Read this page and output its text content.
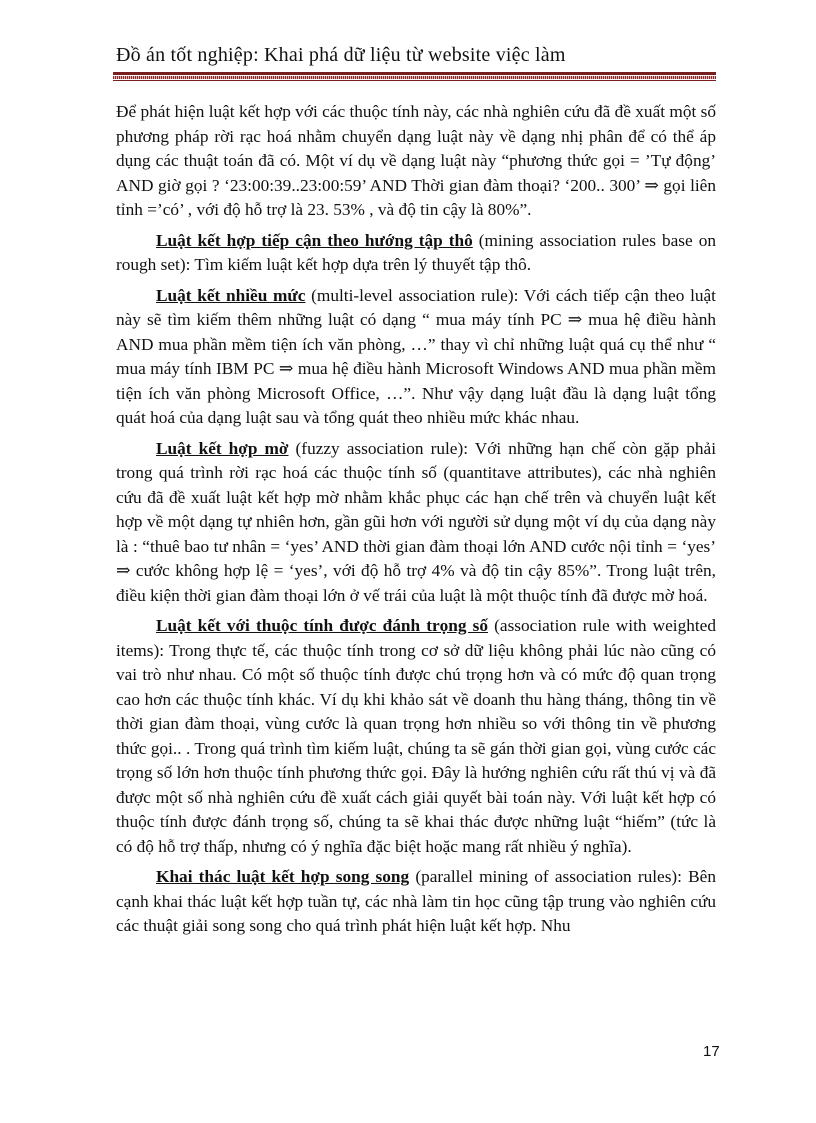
Đồ án tốt nghiệp: Khai phá dữ liệu từ website việc làm

Để phát hiện luật kết hợp với các thuộc tính này, các nhà nghiên cứu đã đề xuất một số phương pháp rời rạc hoá nhằm chuyển dạng luật này về dạng nhị phân để có thể áp dụng các thuật toán đã có. Một ví dụ về dạng luật này “phương thức gọi = ’Tự động’ AND giờ gọi ? ‘23:00:39..23:00:59’ AND Thời gian đàm thoại? ‘200.. 300’ ⇒ gọi liên tỉnh =’có’ , với độ hỗ trợ là 23. 53% , và độ tin cậy là 80%”.

Luật kết hợp tiếp cận theo hướng tập thô (mining association rules base on rough set): Tìm kiếm luật kết hợp dựa trên lý thuyết tập thô.

Luật kết nhiều mức (multi-level association rule): Với cách tiếp cận theo luật này sẽ tìm kiếm thêm những luật có dạng “ mua máy tính PC ⇒ mua hệ điều hành AND mua phần mềm tiện ích văn phòng, …” thay vì chỉ những luật quá cụ thể như “ mua máy tính IBM PC ⇒ mua hệ điều hành Microsoft Windows AND mua phần mềm tiện ích văn phòng Microsoft Office, …”. Như vậy dạng luật đầu là dạng luật tổng quát hoá của dạng luật sau và tổng quát theo nhiều mức khác nhau.

Luật kết hợp mờ (fuzzy association rule): Với những hạn chế còn gặp phải trong quá trình rời rạc hoá các thuộc tính số (quantitave attributes), các nhà nghiên cứu đã đề xuất luật kết hợp mờ nhằm khắc phục các hạn chế trên và chuyển luật kết hợp về một dạng tự nhiên hơn, gần gũi hơn với người sử dụng một ví dụ của dạng này là : “thuê bao tư nhân = ‘yes’ AND thời gian đàm thoại lớn AND cước nội tỉnh = ‘yes’ ⇒ cước không hợp lệ = ‘yes’, với độ hỗ trợ 4% và độ tin cậy 85%”. Trong luật trên, điều kiện thời gian đàm thoại lớn ở vế trái của luật là một thuộc tính đã được mờ hoá.

Luật kết với thuộc tính được đánh trọng số (association rule with weighted items): Trong thực tế, các thuộc tính trong cơ sở dữ liệu không phải lúc nào cũng có vai trò như nhau. Có một số thuộc tính được chú trọng hơn và có mức độ quan trọng cao hơn các thuộc tính khác. Ví dụ khi khảo sát về doanh thu hàng tháng, thông tin về thời gian đàm thoại, vùng cước là quan trọng hơn nhiều so với thông tin về phương thức gọi.. . Trong quá trình tìm kiếm luật, chúng ta sẽ gán thời gian gọi, vùng cước các trọng số lớn hơn thuộc tính phương thức gọi. Đây là hướng nghiên cứu rất thú vị và đã được một số nhà nghiên cứu đề xuất cách giải quyết bài toán này. Với luật kết hợp có thuộc tính được đánh trọng số, chúng ta sẽ khai thác được những luật “hiếm” (tức là có độ hỗ trợ thấp, nhưng có ý nghĩa đặc biệt hoặc mang rất nhiều ý nghĩa).

Khai thác luật kết hợp song song (parallel mining of association rules): Bên cạnh khai thác luật kết hợp tuần tự, các nhà làm tin học cũng tập trung vào nghiên cứu các thuật giải song song cho quá trình phát hiện luật kết hợp. Nhu

17
